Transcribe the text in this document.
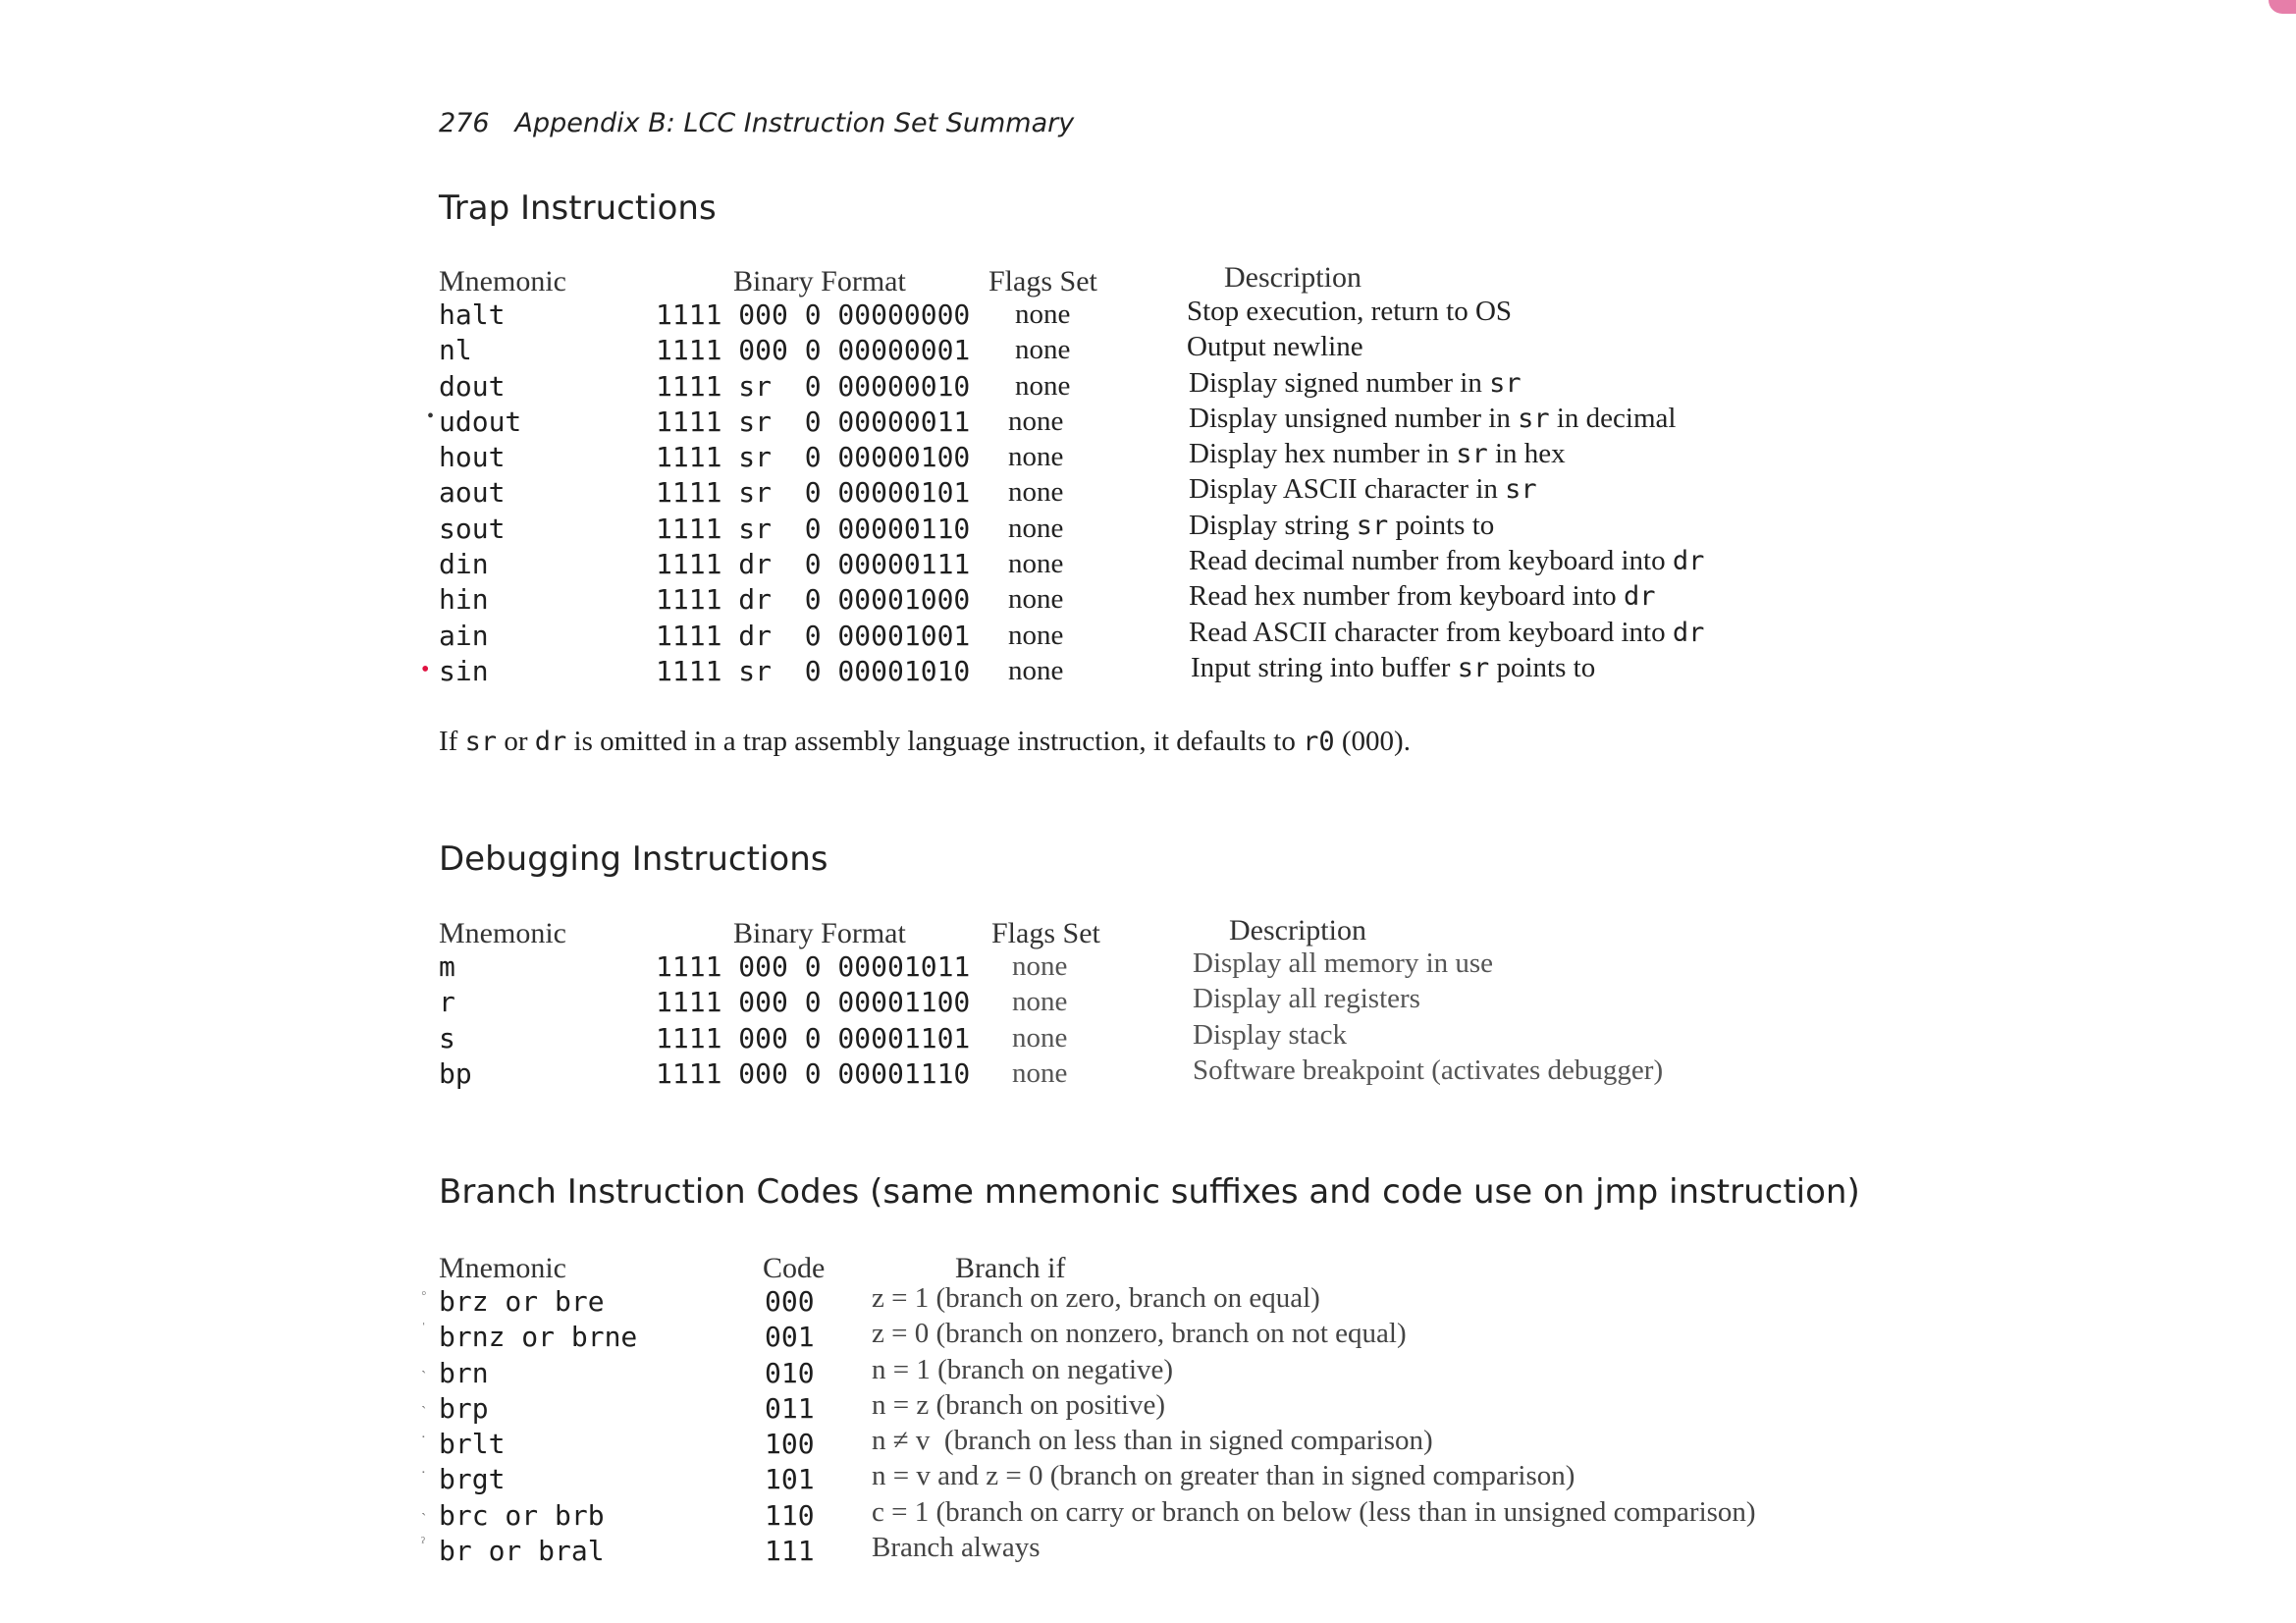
276 Appendix B: LCC Instruction Set Summary
Trap Instructions
Mnemonic	Binary Format	Flags Set	Description
halt	1111 000 0 00000000 none	Stop execution, return to OS
nl	1111 000 0 00000001 none	Output newline
dout	1111 sr  0 00000010 none	Display signed number in sr
• udout	1111 sr  0 00000011 none	Display unsigned number in sr in decimal
hout	1111 sr  0 00000100 none	Display hex number in sr in hex
aout	1111 sr  0 00000101 none	Display ASCII character in sr
sout	1111 sr  0 00000110 none	Display string sr points to
din	1111 dr  0 00000111 none	Read decimal number from keyboard into dr
hin	1111 dr  0 00001000 none	Read hex number from keyboard into dr
ain	1111 dr  0 00001001 none	Read ASCII character from keyboard into dr
• sin	1111 sr  0 00001010 none	Input string into buffer sr points to
If sr or dr is omitted in a trap assembly language instruction, it defaults to r0 (000).
Debugging Instructions
Mnemonic	Binary Format	Flags Set	Description
m	1111 000 0 00001011 none	Display all memory in use
r	1111 000 0 00001100 none	Display all registers
s	1111 000 0 00001101 none	Display stack
bp	1111 000 0 00001110 none	Software breakpoint (activates debugger)
Branch Instruction Codes (same mnemonic suffixes and code use on jmp instruction)
Mnemonic	Code	Branch if
◦ brz or bre	000 z = 1 (branch on zero, branch on equal)
ˈ brnz or brne	001 z = 0 (branch on nonzero, branch on not equal)
ˎ brn	010 n = 1 (branch on negative)
ˎ brp	011 n = z (branch on positive)
ᐧ brlt	100 n ≠ v  (branch on less than in signed comparison)
ᐧ brgt	101 n = v and z = 0 (branch on greater than in signed comparison)
ˎ brc or brb	110 c = 1 (branch on carry or branch on below (less than in unsigned comparison)
ˀ br or bral	111 Branch always
